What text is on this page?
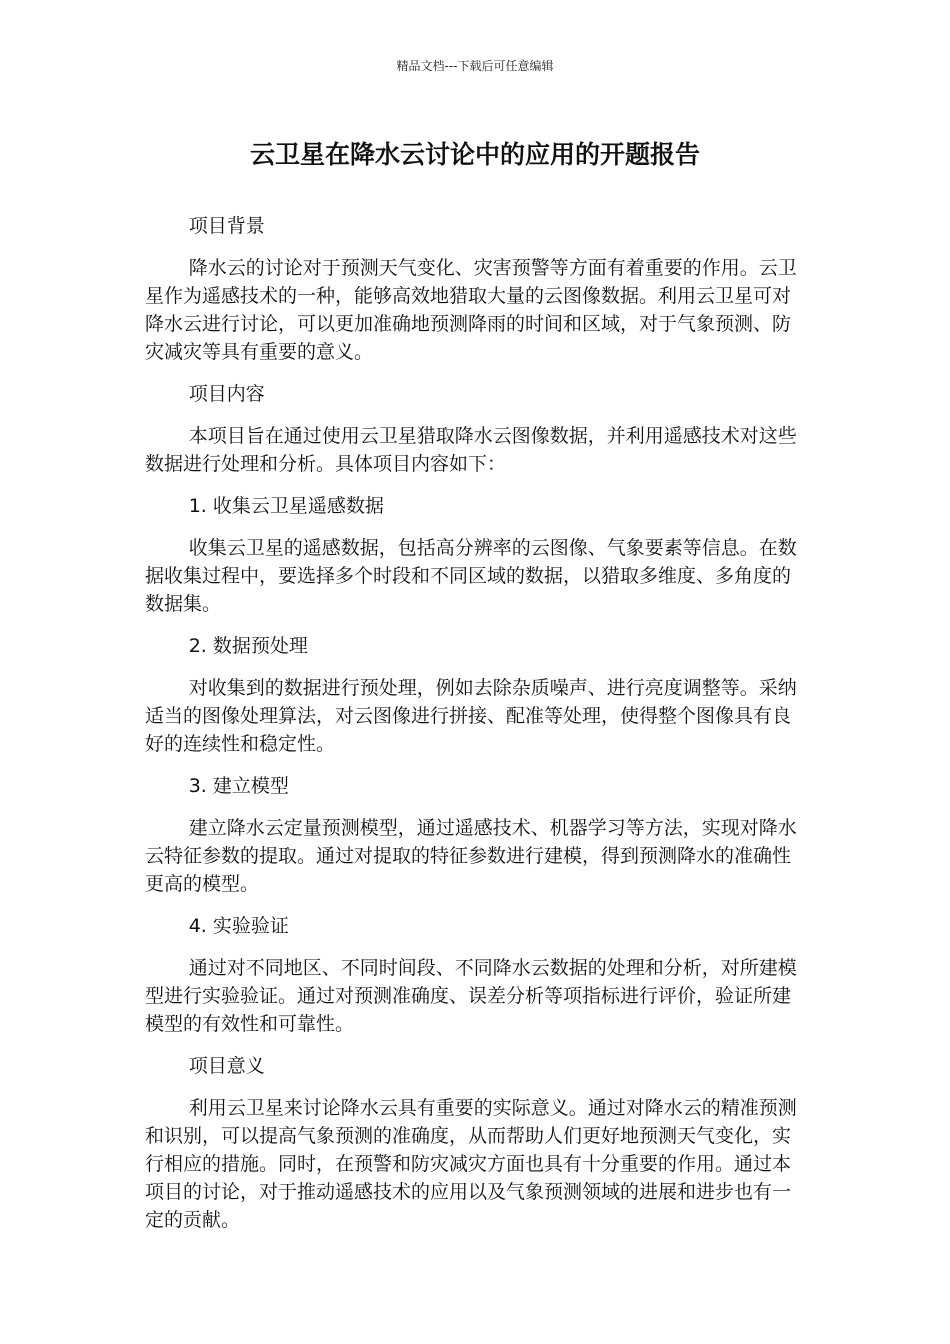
精品文档---下载后可任意编辑
云卫星在降水云讨论中的应用的开题报告

项目背景

降水云的讨论对于预测天气变化、灾害预警等方面有着重要的作用。云卫星作为遥感技术的一种，能够高效地猎取大量的云图像数据。利用云卫星可对降水云进行讨论，可以更加准确地预测降雨的时间和区域，对于气象预测、防灾减灾等具有重要的意义。

项目内容

本项目旨在通过使用云卫星猎取降水云图像数据，并利用遥感技术对这些数据进行处理和分析。具体项目内容如下：

1. 收集云卫星遥感数据

收集云卫星的遥感数据，包括高分辨率的云图像、气象要素等信息。在数据收集过程中，要选择多个时段和不同区域的数据，以猎取多维度、多角度的数据集。

2. 数据预处理

对收集到的数据进行预处理，例如去除杂质噪声、进行亮度调整等。采纳适当的图像处理算法，对云图像进行拼接、配准等处理，使得整个图像具有良好的连续性和稳定性。

3. 建立模型

建立降水云定量预测模型，通过遥感技术、机器学习等方法，实现对降水云特征参数的提取。通过对提取的特征参数进行建模，得到预测降水的准确性更高的模型。

4. 实验验证

通过对不同地区、不同时间段、不同降水云数据的处理和分析，对所建模型进行实验验证。通过对预测准确度、误差分析等项指标进行评价，验证所建模型的有效性和可靠性。

项目意义

利用云卫星来讨论降水云具有重要的实际意义。通过对降水云的精准预测和识别，可以提高气象预测的准确度，从而帮助人们更好地预测天气变化，实行相应的措施。同时，在预警和防灾减灾方面也具有十分重要的作用。通过本项目的讨论，对于推动遥感技术的应用以及气象预测领域的进展和进步也有一定的贡献。
